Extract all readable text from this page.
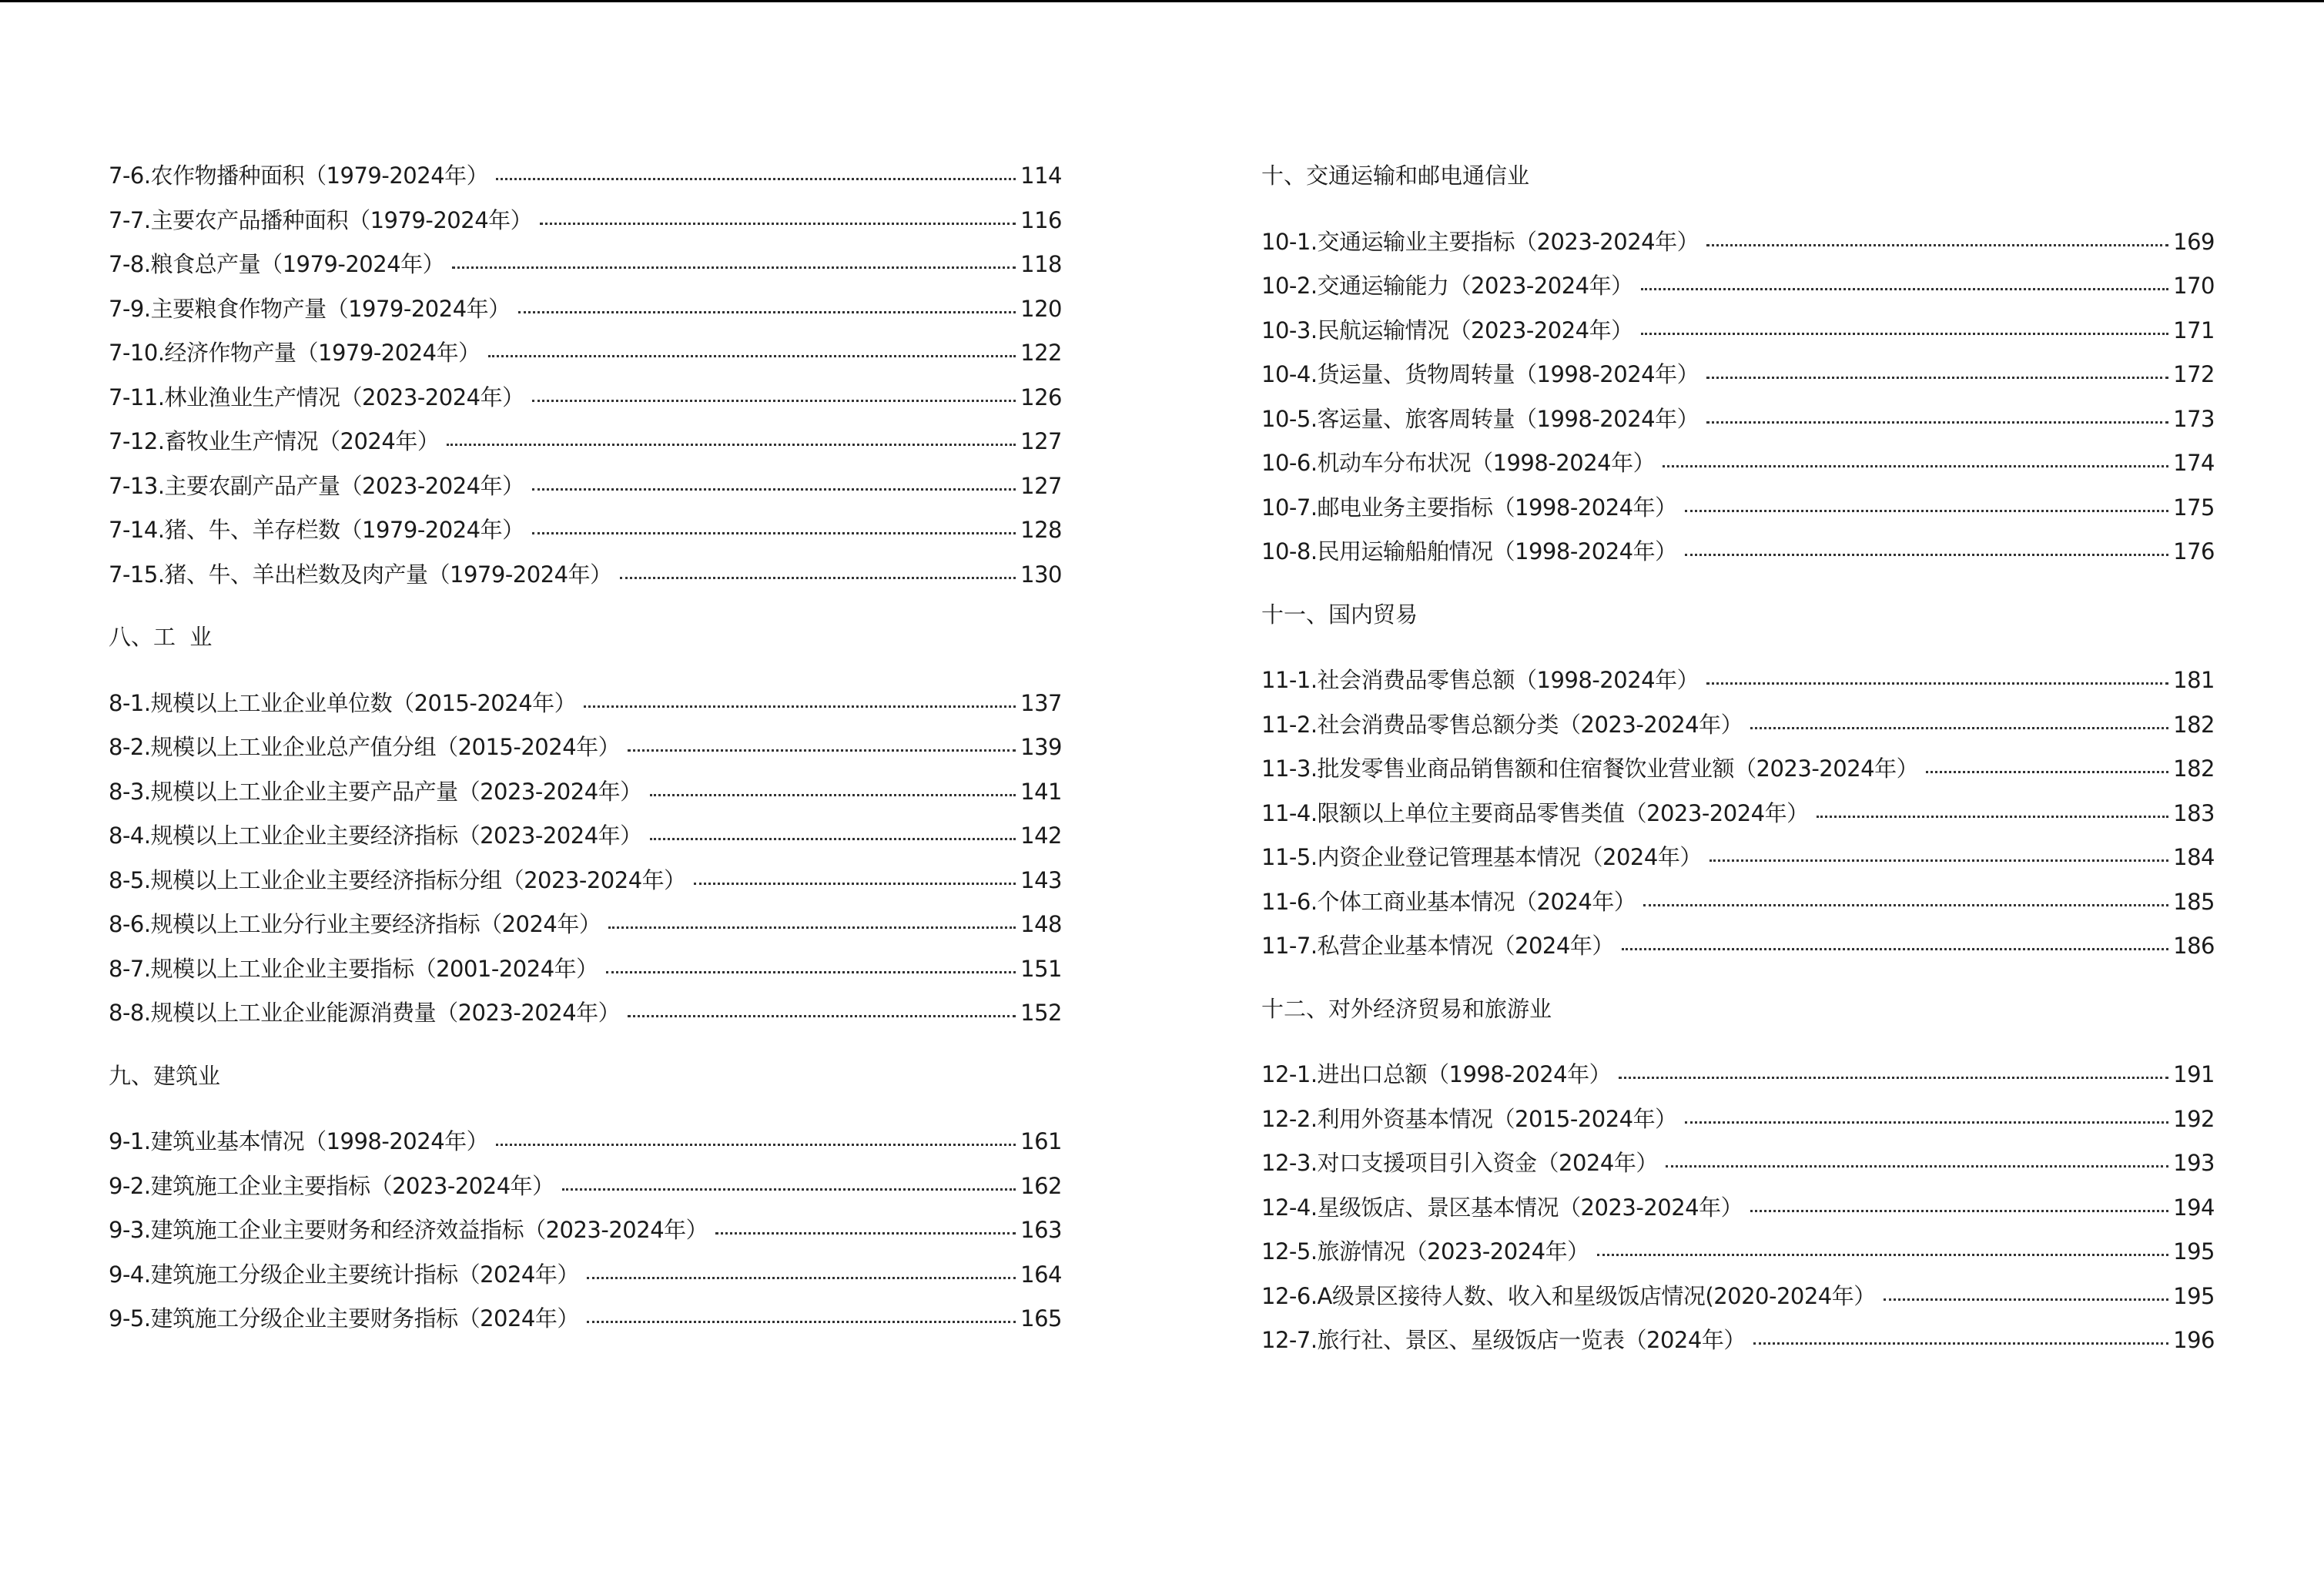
7-6.农作物播种面积（1979-2024年）	114
7-7.主要农产品播种面积（1979-2024年）	116
7-8.粮食总产量（1979-2024年）	118
7-9.主要粮食作物产量（1979-2024年）	120
7-10.经济作物产量（1979-2024年）	122
7-11.林业渔业生产情况（2023-2024年）	126
7-12.畜牧业生产情况（2024年）	127
7-13.主要农副产品产量（2023-2024年）	127
7-14.猪、牛、羊存栏数（1979-2024年）	128
7-15.猪、牛、羊出栏数及肉产量（1979-2024年）	130
八、工  业
8-1.规模以上工业企业单位数（2015-2024年）	137
8-2.规模以上工业企业总产值分组（2015-2024年）	139
8-3.规模以上工业企业主要产品产量（2023-2024年）	141
8-4.规模以上工业企业主要经济指标（2023-2024年）	142
8-5.规模以上工业企业主要经济指标分组（2023-2024年）	143
8-6.规模以上工业分行业主要经济指标（2024年）	148
8-7.规模以上工业企业主要指标（2001-2024年）	151
8-8.规模以上工业企业能源消费量（2023-2024年）	152
九、建筑业
9-1.建筑业基本情况（1998-2024年）	161
9-2.建筑施工企业主要指标（2023-2024年）	162
9-3.建筑施工企业主要财务和经济效益指标（2023-2024年）	163
9-4.建筑施工分级企业主要统计指标（2024年）	164
9-5.建筑施工分级企业主要财务指标（2024年）	165
十、交通运输和邮电通信业
10-1.交通运输业主要指标（2023-2024年）	169
10-2.交通运输能力（2023-2024年）	170
10-3.民航运输情况（2023-2024年）	171
10-4.货运量、货物周转量（1998-2024年）	172
10-5.客运量、旅客周转量（1998-2024年）	173
10-6.机动车分布状况（1998-2024年）	174
10-7.邮电业务主要指标（1998-2024年）	175
10-8.民用运输船舶情况（1998-2024年）	176
十一、国内贸易
11-1.社会消费品零售总额（1998-2024年）	181
11-2.社会消费品零售总额分类（2023-2024年）	182
11-3.批发零售业商品销售额和住宿餐饮业营业额（2023-2024年）	182
11-4.限额以上单位主要商品零售类值（2023-2024年）	183
11-5.内资企业登记管理基本情况（2024年）	184
11-6.个体工商业基本情况（2024年）	185
11-7.私营企业基本情况（2024年）	186
十二、对外经济贸易和旅游业
12-1.进出口总额（1998-2024年）	191
12-2.利用外资基本情况（2015-2024年）	192
12-3.对口支援项目引入资金（2024年）	193
12-4.星级饭店、景区基本情况（2023-2024年）	194
12-5.旅游情况（2023-2024年）	195
12-6.A级景区接待人数、收入和星级饭店情况(2020-2024年）	195
12-7.旅行社、景区、星级饭店一览表（2024年）	196
